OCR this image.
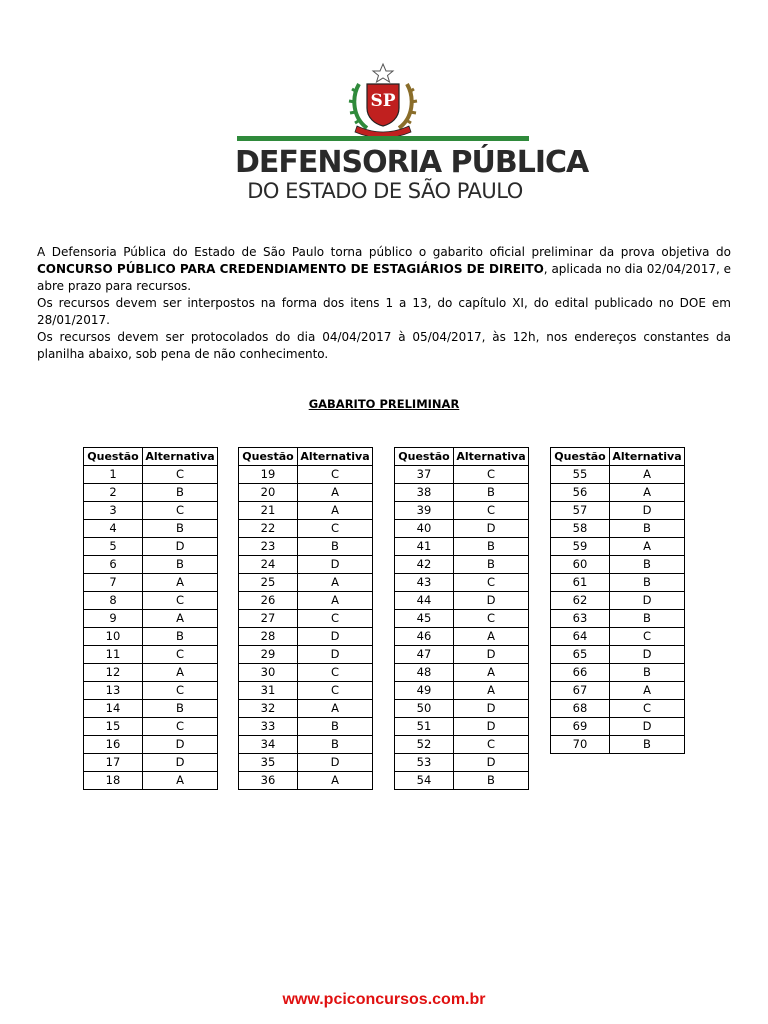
SP
DEFENSORIA PÚBLICA
DO ESTADO DE SÃO PAULO

A Defensoria Pública do Estado de São Paulo torna público o gabarito oficial preliminar da prova objetiva do CONCURSO PÚBLICO PARA CREDENDIAMENTO DE ESTAGIÁRIOS DE DIREITO, aplicada no dia 02/04/2017, e abre prazo para recursos.

Os recursos devem ser interpostos na forma dos itens 1 a 13, do capítulo XI, do edital publicado no DOE em 28/01/2017.

Os recursos devem ser protocolados do dia 04/04/2017 à 05/04/2017, às 12h, nos endereços constantes da planilha abaixo, sob pena de não conhecimento.

GABARITO PRELIMINAR
Questão	Alternativa
1	C
2	B
3	C
4	B
5	D
6	B
7	A
8	C
9	A
10	B
11	C
12	A
13	C
14	B
15	C
16	D
17	D
18	A
Questão	Alternativa
19	C
20	A
21	A
22	C
23	B
24	D
25	A
26	A
27	C
28	D
29	D
30	C
31	C
32	A
33	B
34	B
35	D
36	A
Questão	Alternativa
37	C
38	B
39	C
40	D
41	B
42	B
43	C
44	D
45	C
46	A
47	D
48	A
49	A
50	D
51	D
52	C
53	D
54	B
Questão	Alternativa
55	A
56	A
57	D
58	B
59	A
60	B
61	B
62	D
63	B
64	C
65	D
66	B
67	A
68	C
69	D
70	B
www.pciconcursos.com.br
